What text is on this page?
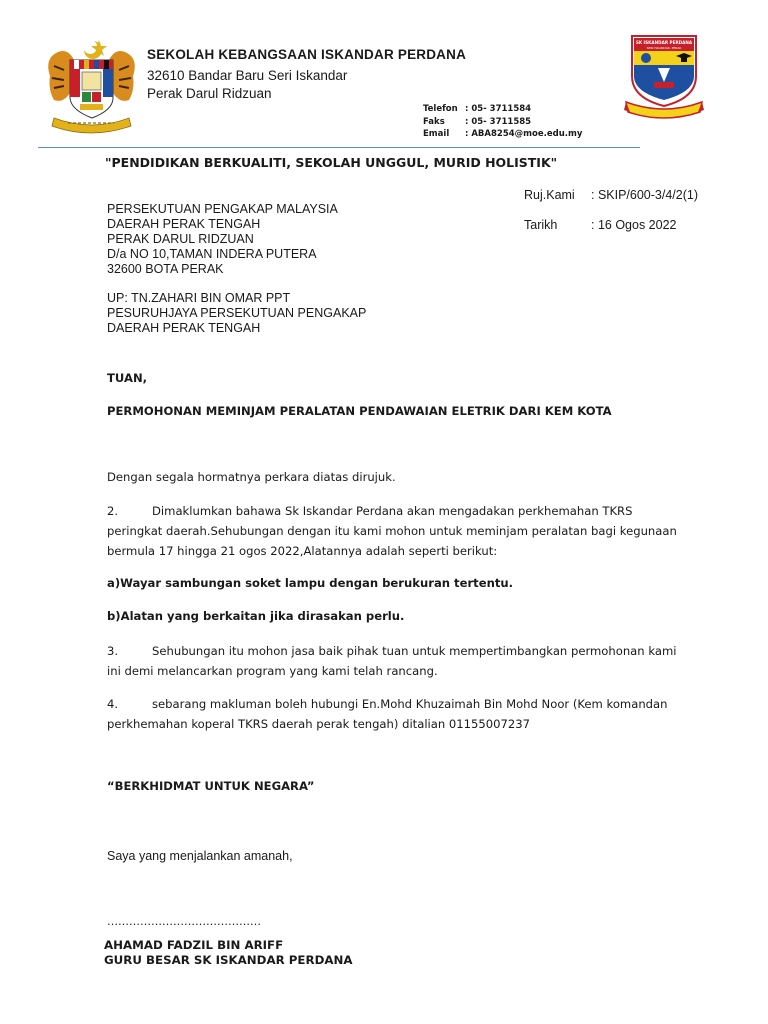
SK ISKANDAR PERDANA
SERI ISKANDAR, PERAK
SEKOLAH KEBANGSAAN ISKANDAR PERDANA
32610 Bandar Baru Seri Iskandar
Perak Darul Ridzuan
Telefon : 05- 3711584
Faks : 05- 3711585
Email : ABA8254@moe.edu.my
"PENDIDIKAN BERKUALITI, SEKOLAH UNGGUL, MURID HOLISTIK"
Ruj.Kami : SKIP/600-3/4/2(1)
Tarikh	: 16 Ogos 2022
PERSEKUTUAN PENGAKAP MALAYSIA
DAERAH PERAK TENGAH
PERAK DARUL RIDZUAN
D/a NO 10,TAMAN INDERA PUTERA
32600 BOTA PERAK
UP: TN.ZAHARI BIN OMAR PPT
PESURUHJAYA PERSEKUTUAN PENGAKAP
DAERAH PERAK TENGAH
TUAN,
PERMOHONAN MEMINJAM PERALATAN PENDAWAIAN ELETRIK DARI KEM KOTA
Dengan segala hormatnya perkara diatas dirujuk.
2.	Dimaklumkan bahawa Sk Iskandar Perdana akan mengadakan perkhemahan TKRS peringkat daerah.Sehubungan dengan itu kami mohon untuk meminjam peralatan bagi kegunaan bermula 17 hingga 21 ogos 2022,Alatannya adalah seperti berikut:
a)Wayar sambungan soket lampu dengan berukuran tertentu.
b)Alatan yang berkaitan jika dirasakan perlu.
3.	Sehubungan itu mohon jasa baik pihak tuan untuk mempertimbangkan permohonan kami ini demi melancarkan program yang kami telah rancang.
4.	sebarang makluman boleh hubungi En.Mohd Khuzaimah Bin Mohd Noor (Kem komandan perkhemahan koperal TKRS daerah perak tengah) ditalian 01155007237
“BERKHIDMAT UNTUK NEGARA”
Saya yang menjalankan amanah,
……………………………………
AHAMAD FADZIL BIN ARIFF
GURU BESAR SK ISKANDAR PERDANA
